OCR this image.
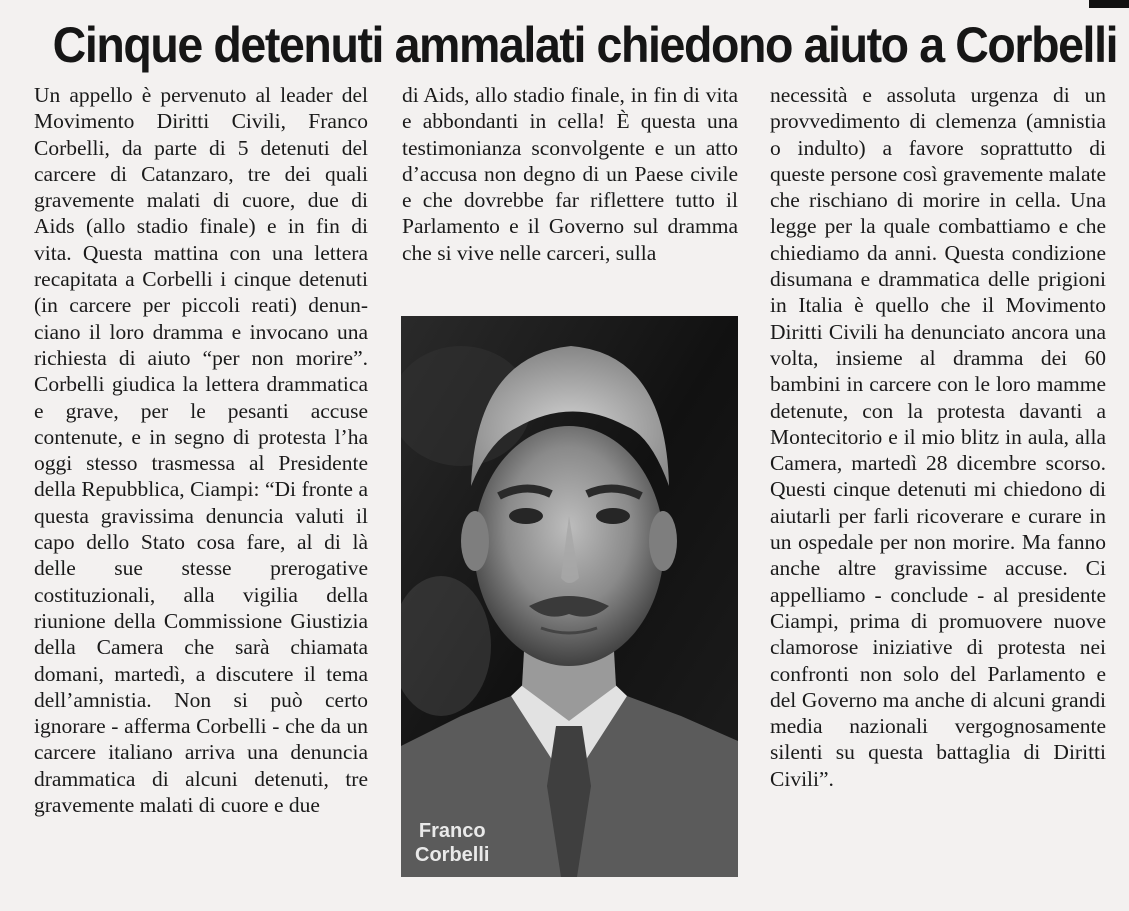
Cinque detenuti ammalati chiedono aiuto a Corbelli

Un appello è pervenuto al leader del Movimento Diritti Civili, Franco Corbelli, da parte di 5 detenuti del carcere di Catanzaro, tre dei quali gravemente malati di cuore, due di Aids (allo stadio finale) e in fin di vita. Questa mattina con una lettera recapitata a Corbelli i cinque detenuti (in carcere per piccoli reati) denunciano il loro dramma e invocano una richiesta di aiuto “per non morire”. Corbelli giudica la lettera drammatica e grave, per le pesanti accuse contenute, e in segno di protesta l’ha oggi stesso trasmessa al Presidente della Repubblica, Ciampi: “Di fronte a questa gravissima denuncia valuti il capo dello Stato cosa fare, al di là delle sue stesse prerogative costituzionali, alla vigilia della riunione della Commissione Giustizia della Camera che sarà chiamata domani, martedì, a discutere il tema dell’amnistia. Non si può certo ignorare - afferma Corbelli - che da un carcere italiano arriva una denuncia drammatica di alcuni detenuti, tre gravemente malati di cuore e due

di Aids, allo stadio finale, in fin di vita e abbondanti in cella! È questa una testimonianza sconvolgente e un atto d’accusa non degno di un Paese civile e che dovrebbe far riflettere tutto il Parlamento e il Governo sul dramma che si vive nelle carceri, sulla

Franco
Corbelli

necessità e assoluta urgenza di un provvedimento di clemenza (amnistia o indulto) a favore soprattutto di queste persone così gravemente malate che rischiano di morire in cella. Una legge per la quale combattiamo e che chiediamo da anni. Questa condizione disumana e drammatica delle prigioni in Italia è quello che il Movimento Diritti Civili ha denunciato ancora una volta, insieme al dramma dei 60 bambini in carcere con le loro mamme detenute, con la protesta davanti a Montecitorio e il mio blitz in aula, alla Camera, martedì 28 dicembre scorso. Questi cinque detenuti mi chiedono di aiutarli per farli ricoverare e curare in un ospedale per non morire. Ma fanno anche altre gravissime accuse. Ci appelliamo - conclude - al presidente Ciampi, prima di promuovere nuove clamorose iniziative di protesta nei confronti non solo del Parlamento e del Governo ma anche di alcuni grandi media nazionali vergognosamente silenti su questa battaglia di Diritti Civili”.
